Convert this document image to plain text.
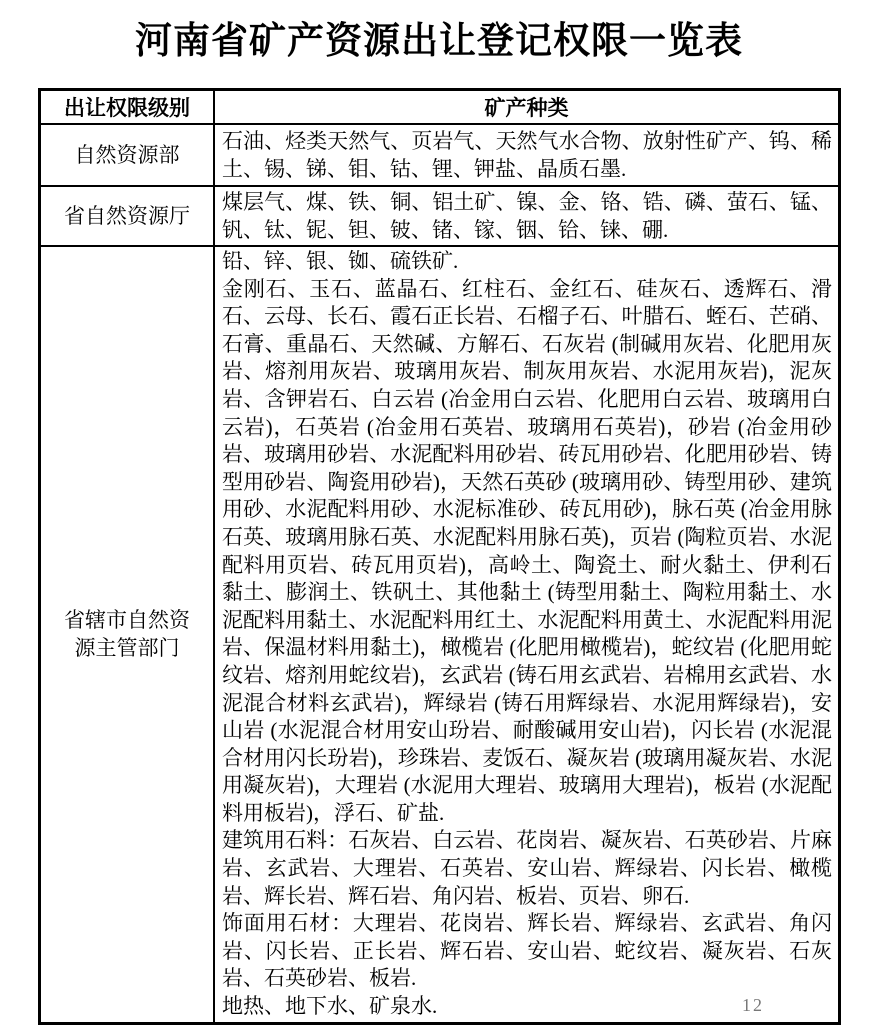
河南省矿产资源出让登记权限一览表
出让权限级别	矿产种类
自然资源部	石油、烃类天然气、页岩气、天然气水合物、放射性矿产、钨、稀土、锡、锑、钼、钴、锂、钾盐、晶质石墨.

省自然资源厅	煤层气、煤、铁、铜、铝土矿、镍、金、铬、锆、磷、萤石、锰、钒、钛、铌、钽、铍、锗、镓、铟、铪、铼、硼.

省辖市自然资源主管部门	铅、锌、银、铷、硫铁矿.

金刚石、玉石、蓝晶石、红柱石、金红石、硅灰石、透辉石、滑石、云母、长石、霞石正长岩、石榴子石、叶腊石、蛭石、芒硝、石膏、重晶石、天然碱、方解石、石灰岩 (制碱用灰岩、化肥用灰岩、熔剂用灰岩、玻璃用灰岩、制灰用灰岩、水泥用灰岩)，泥灰岩、含钾岩石、白云岩 (冶金用白云岩、化肥用白云岩、玻璃用白云岩)，石英岩 (冶金用石英岩、玻璃用石英岩)，砂岩 (冶金用砂岩、玻璃用砂岩、水泥配料用砂岩、砖瓦用砂岩、化肥用砂岩、铸型用砂岩、陶瓷用砂岩)，天然石英砂 (玻璃用砂、铸型用砂、建筑用砂、水泥配料用砂、水泥标准砂、砖瓦用砂)，脉石英 (冶金用脉石英、玻璃用脉石英、水泥配料用脉石英)，页岩 (陶粒页岩、水泥配料用页岩、砖瓦用页岩)，高岭土、陶瓷土、耐火黏土、伊利石黏土、膨润土、铁矾土、其他黏土 (铸型用黏土、陶粒用黏土、水泥配料用黏土、水泥配料用红土、水泥配料用黄土、水泥配料用泥岩、保温材料用黏土)，橄榄岩 (化肥用橄榄岩)，蛇纹岩 (化肥用蛇纹岩、熔剂用蛇纹岩)，玄武岩 (铸石用玄武岩、岩棉用玄武岩、水泥混合材料玄武岩)，辉绿岩 (铸石用辉绿岩、水泥用辉绿岩)，安山岩 (水泥混合材用安山玢岩、耐酸碱用安山岩)，闪长岩 (水泥混合材用闪长玢岩)，珍珠岩、麦饭石、凝灰岩 (玻璃用凝灰岩、水泥用凝灰岩)，大理岩 (水泥用大理岩、玻璃用大理岩)，板岩 (水泥配料用板岩)，浮石、矿盐.

建筑用石料：石灰岩、白云岩、花岗岩、凝灰岩、石英砂岩、片麻岩、玄武岩、大理岩、石英岩、安山岩、辉绿岩、闪长岩、橄榄岩、辉长岩、辉石岩、角闪岩、板岩、页岩、卵石.

饰面用石材：大理岩、花岗岩、辉长岩、辉绿岩、玄武岩、角闪岩、闪长岩、正长岩、辉石岩、安山岩、蛇纹岩、凝灰岩、石灰岩、石英砂岩、板岩.

地热、地下水、矿泉水.	12
